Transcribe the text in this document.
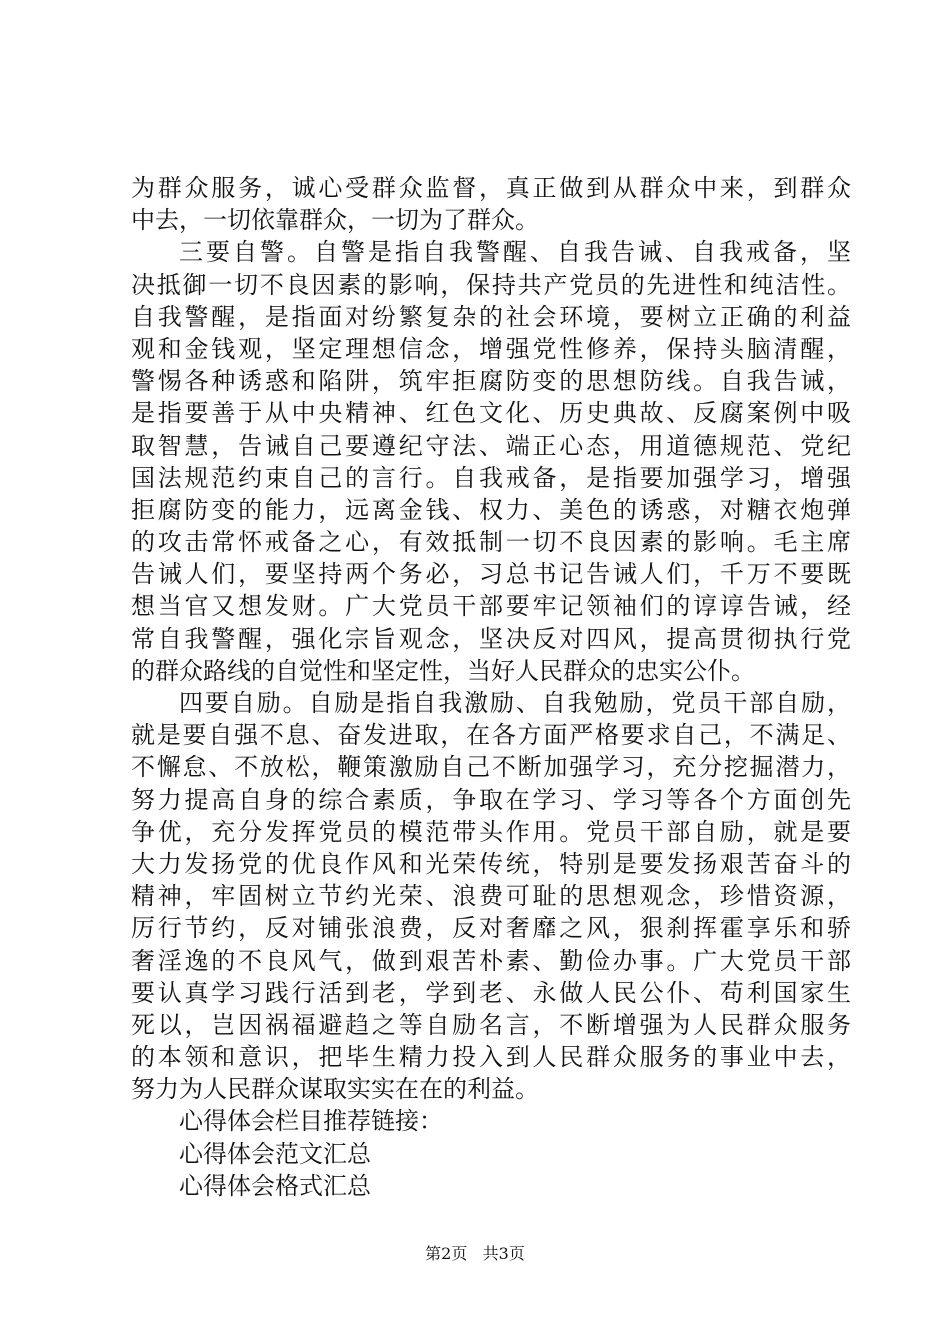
为群众服务，诚心受群众监督，真正做到从群众中来，到群众
中去，一切依靠群众，一切为了群众。
三要自警。自警是指自我警醒、自我告诫、自我戒备，坚
决抵御一切不良因素的影响，保持共产党员的先进性和纯洁性。
自我警醒，是指面对纷繁复杂的社会环境，要树立正确的利益
观和金钱观，坚定理想信念，增强党性修养，保持头脑清醒，
警惕各种诱惑和陷阱，筑牢拒腐防变的思想防线。自我告诫，
是指要善于从中央精神、红色文化、历史典故、反腐案例中吸
取智慧，告诫自己要遵纪守法、端正心态，用道德规范、党纪
国法规范约束自己的言行。自我戒备，是指要加强学习，增强
拒腐防变的能力，远离金钱、权力、美色的诱惑，对糖衣炮弹
的攻击常怀戒备之心，有效抵制一切不良因素的影响。毛主席
告诫人们，要坚持两个务必，习总书记告诫人们，千万不要既
想当官又想发财。广大党员干部要牢记领袖们的谆谆告诫，经
常自我警醒，强化宗旨观念，坚决反对四风，提高贯彻执行党
的群众路线的自觉性和坚定性，当好人民群众的忠实公仆。
四要自励。自励是指自我激励、自我勉励，党员干部自励，
就是要自强不息、奋发进取，在各方面严格要求自己，不满足、
不懈怠、不放松，鞭策激励自己不断加强学习，充分挖掘潜力，
努力提高自身的综合素质，争取在学习、学习等各个方面创先
争优，充分发挥党员的模范带头作用。党员干部自励，就是要
大力发扬党的优良作风和光荣传统，特别是要发扬艰苦奋斗的
精神，牢固树立节约光荣、浪费可耻的思想观念，珍惜资源，
厉行节约，反对铺张浪费，反对奢靡之风，狠刹挥霍享乐和骄
奢淫逸的不良风气，做到艰苦朴素、勤俭办事。广大党员干部
要认真学习践行活到老，学到老、永做人民公仆、苟利国家生
死以，岂因祸福避趋之等自励名言，不断增强为人民群众服务
的本领和意识，把毕生精力投入到人民群众服务的事业中去，
努力为人民群众谋取实实在在的利益。
心得体会栏目推荐链接：
心得体会范文汇总
心得体会格式汇总
第2页 共3页
